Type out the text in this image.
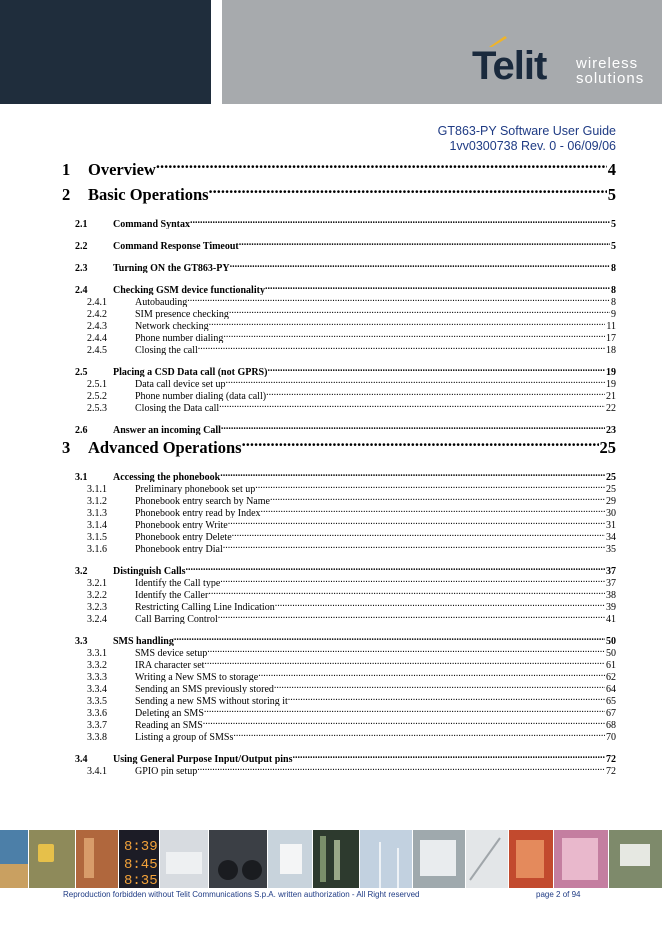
Telit wireless
solutions
GT863-PY Software User Guide
1vv0300738 Rev. 0 - 06/09/06
1	Overview .....	4
2	Basic Operations .....	5
2.1	Command Syntax .....	5
2.2	Command Response Timeout .....	5
2.3	Turning ON the GT863-PY .....	8
2.4	Checking GSM device functionality .....	8
2.4.1	Autobauding .....	8
2.4.2	SIM presence checking .....	9
2.4.3	Network checking .....	11
2.4.4	Phone number dialing .....	17
2.4.5	Closing the call .....	18
2.5	Placing a CSD Data call (not GPRS) .....	19
2.5.1	Data call device set up .....	19
2.5.2	Phone number dialing (data call) .....	21
2.5.3	Closing the Data call .....	22
2.6	Answer an incoming Call .....	23
3	Advanced Operations .....	25
3.1	Accessing the phonebook .....	25
3.1.1	Preliminary phonebook set up .....	25
3.1.2	Phonebook entry search by Name .....	29
3.1.3	Phonebook entry read by Index .....	30
3.1.4	Phonebook entry Write .....	31
3.1.5	Phonebook entry Delete .....	34
3.1.6	Phonebook entry Dial .....	35
3.2	Distinguish Calls .....	37
3.2.1	Identify the Call type .....	37
3.2.2	Identify the Caller .....	38
3.2.3	Restricting Calling Line Indication .....	39
3.2.4	Call Barring Control .....	41
3.3	SMS handling .....	50
3.3.1	SMS device setup .....	50
3.3.2	IRA character set .....	61
3.3.3	Writing a New SMS to storage .....	62
3.3.4	Sending an SMS previously stored .....	64
3.3.5	Sending a new SMS without storing it .....	65
3.3.6	Deleting an SMS .....	67
3.3.7	Reading an SMS .....	68
3.3.8	Listing a group of SMSs .....	70
3.4	Using General Purpose Input/Output pins .....	72
3.4.1	GPIO pin setup .....	72
8:39
8:45
8:35
Reproduction forbidden without Telit Communications S.p.A. written authorization - All Right reserved	page 2 of 94
